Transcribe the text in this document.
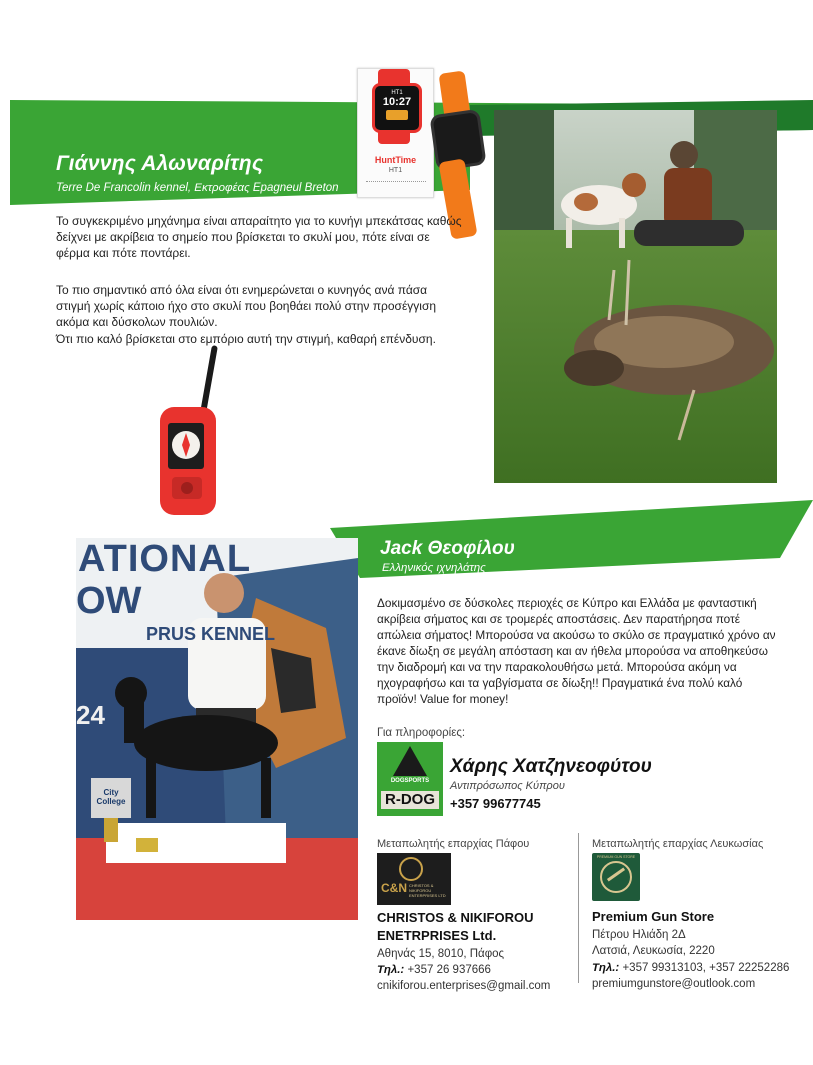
Γιάννης Αλωναρίτης
Terre De Francolin kennel, Εκτροφέας Epagneul Breton
HT1
10:27
HuntTime
HT1
Το συγκεκριμένο μηχάνημα είναι απαραίτητο για το κυνήγι μπεκάτσας καθώς δείχνει με ακρίβεια το σημείο που βρίσκεται το σκυλί μου, πότε είναι σε φέρμα και πότε ποντάρει.
Το πιο σημαντικό από όλα είναι ότι ενημερώνεται ο κυνηγός ανά πάσα στιγμή χωρίς κάποιο ήχο στο σκυλί που βοηθάει πολύ στην προσέγγιση ακόμα και δύσκολων πουλιών.
Ότι πιο καλό βρίσκεται στο εμπόριο αυτή την στιγμή, καθαρή επένδυση.
Jack Θεοφίλου
Ελληνικός ιχνηλάτης
ATIONAL
OW
PRUS KENNEL
24
City College
Δοκιμασμένο σε δύσκολες περιοχές σε Κύπρο και Ελλάδα με φανταστική ακρίβεια σήματος και σε τρομερές αποστάσεις. Δεν παρατήρησα ποτέ απώλεια σήματος! Μπορούσα να ακούσω το σκύλο σε πραγματικό χρόνο αν έκανε δίωξη σε μεγάλη απόσταση και αν ήθελα μπορούσα να αποθηκεύσω την διαδρομή και να την παρακολουθήσω μετά. Μπορούσα ακόμη να ηχογραφήσω και τα γαβγίσματα σε δίωξη!! Πραγματικά ένα πολύ καλό προϊόν! Value for money!
Για πληροφορίες:
DOGSPORTS
R-DOG
Χάρης Χατζηνεοφύτου
Αντιπρόσωπος Κύπρου
+357 99677745
Μεταπωλητής επαρχίας Πάφου
C&N CHRISTOS & NIKIFOROU ENTERPRISES LTD
CHRISTOS & NIKIFOROU
ENETRPRISES Ltd.
Αθηνάς 15, 8010, Πάφος
Τηλ.: +357 26 937666
cnikiforou.enterprises@gmail.com
Μεταπωλητής επαρχίας Λευκωσίας
PREMIUM GUN STORE
Premium Gun Store
Πέτρου Ηλιάδη 2Δ
Λατσιά, Λευκωσία, 2220
Τηλ.: +357 99313103, +357 22252286
premiumgunstore@outlook.com
